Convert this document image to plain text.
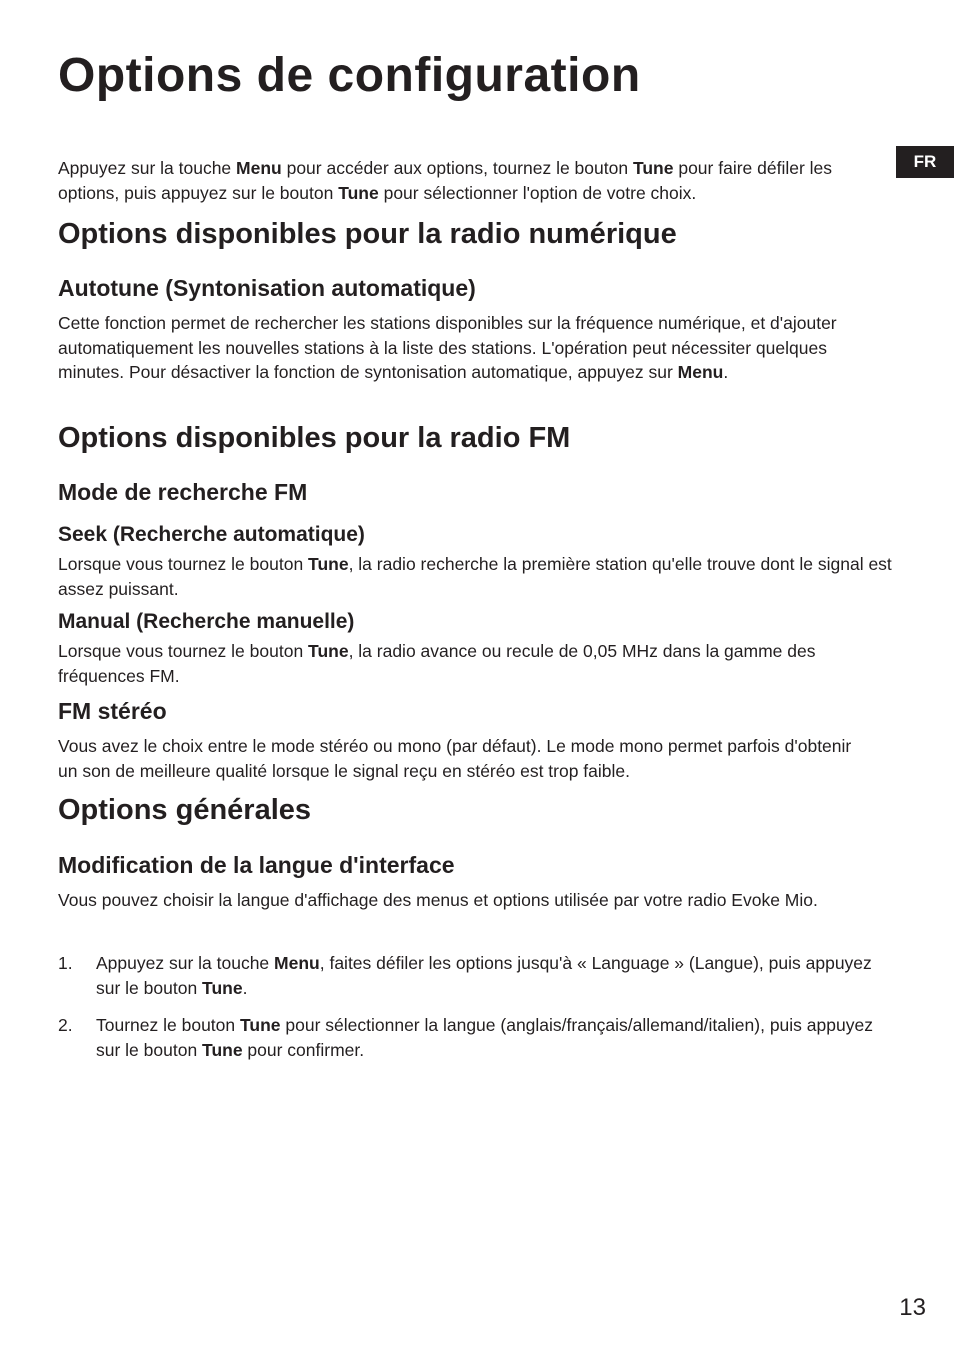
FR
Options de configuration

Appuyez sur la touche Menu pour accéder aux options, tournez le bouton Tune pour faire défiler les options, puis appuyez sur le bouton Tune pour sélectionner l'option de votre choix.

Options disponibles pour la radio numérique
Autotune (Syntonisation automatique)

Cette fonction permet de rechercher les stations disponibles sur la fréquence numérique, et d'ajouter automatiquement les nouvelles stations à la liste des stations. L'opération peut nécessiter quelques minutes. Pour désactiver la fonction de syntonisation automatique, appuyez sur Menu.

Options disponibles pour la radio FM
Mode de recherche FM
Seek (Recherche automatique)

Lorsque vous tournez le bouton Tune, la radio recherche la première station qu'elle trouve dont le signal est assez puissant.

Manual (Recherche manuelle)

Lorsque vous tournez le bouton Tune, la radio avance ou recule de 0,05 MHz dans la gamme des fréquences FM.

FM stéréo

Vous avez le choix entre le mode stéréo ou mono (par défaut). Le mode mono permet parfois d'obtenir un son de meilleure qualité lorsque le signal reçu en stéréo est trop faible.

Options générales
Modification de la langue d'interface

Vous pouvez choisir la langue d'affichage des menus et options utilisée par votre radio Evoke Mio.

1. Appuyez sur la touche Menu, faites défiler les options jusqu'à « Language » (Langue), puis appuyez sur le bouton Tune.
2. Tournez le bouton Tune pour sélectionner la langue (anglais/français/allemand/italien), puis appuyez sur le bouton Tune pour confirmer.
13
